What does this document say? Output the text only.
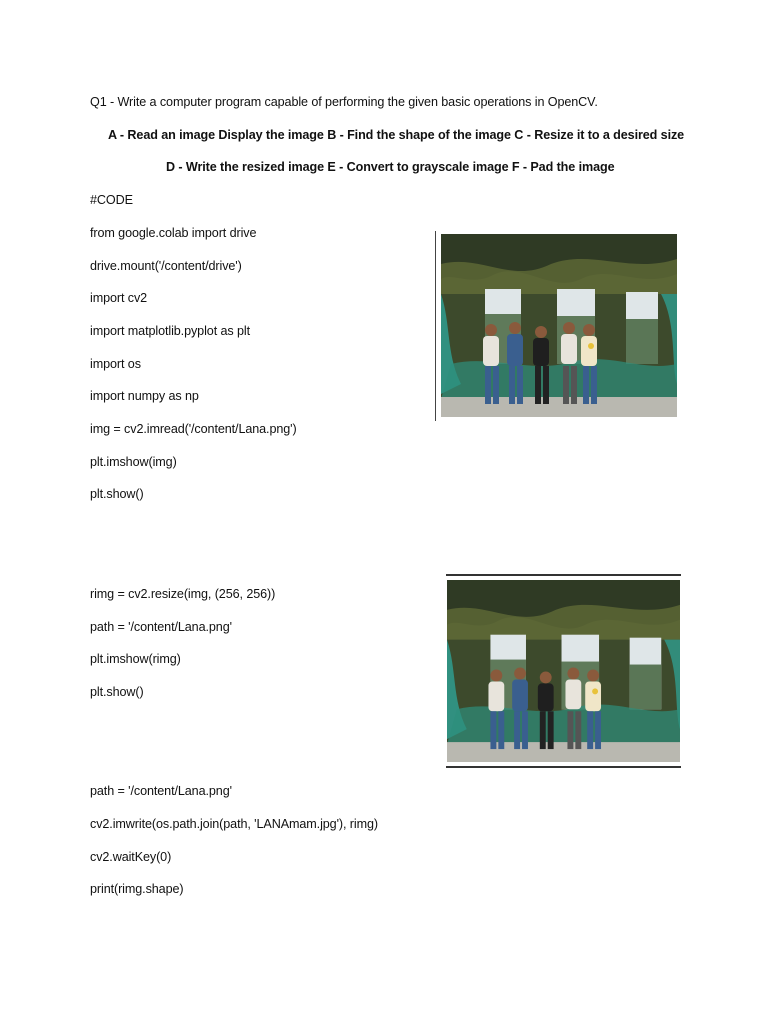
Q1 - Write a computer program capable of performing the given basic operations in OpenCV.
A - Read an image Display the image B - Find the shape of the image C - Resize it to a desired size
D - Write the resized image E - Convert to grayscale image F - Pad the image
#CODE
from google.colab import drive
drive.mount('/content/drive')
import cv2
import matplotlib.pyplot as plt
import os
import numpy as np
img = cv2.imread('/content/Lana.png')
plt.imshow(img)
plt.show()
rimg = cv2.resize(img, (256, 256))
path = '/content/Lana.png'
plt.imshow(rimg)
plt.show()
path = '/content/Lana.png'
cv2.imwrite(os.path.join(path, 'LANAmam.jpg'), rimg)
cv2.waitKey(0)
print(rimg.shape)
